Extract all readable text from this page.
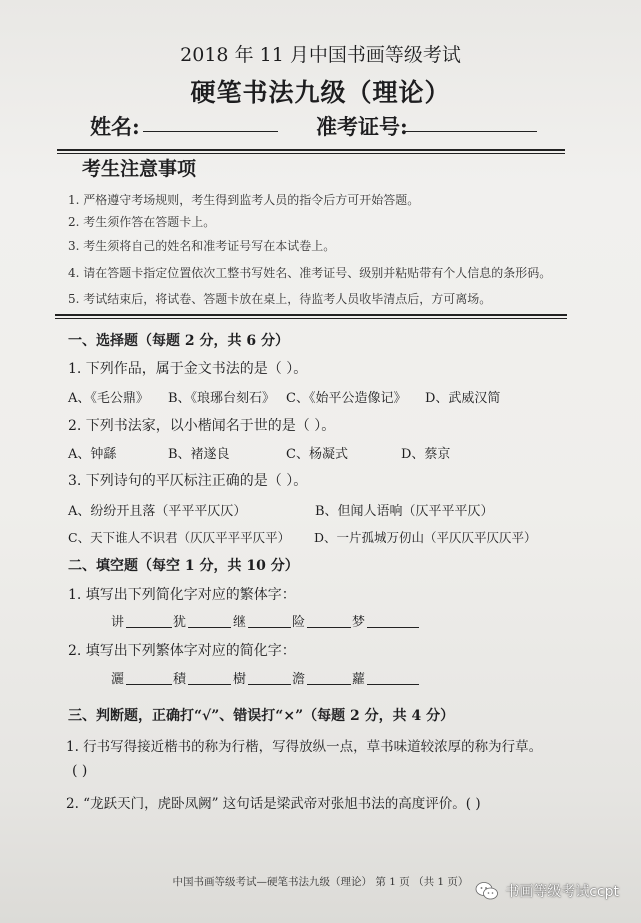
2018 年 11 月中国书画等级考试
硬笔书法九级（理论）
姓名:	准考证号:
考生注意事项
1. 严格遵守考场规则，考生得到监考人员的指令后方可开始答题。
2. 考生须作答在答题卡上。
3. 考生须将自己的姓名和准考证号写在本试卷上。
4. 请在答题卡指定位置依次工整书写姓名、准考证号、级别并粘贴带有个人信息的条形码。
5. 考试结束后，将试卷、答题卡放在桌上，待监考人员收毕清点后，方可离场。
一、选择题（每题 2 分，共 6 分）
1. 下列作品，属于金文书法的是（ ）。
A、《毛公鼎》 B、《琅琊台刻石》 C、《始平公造像记》 D、武威汉简
2. 下列书法家，以小楷闻名于世的是（ ）。
A、钟繇	B、褚遂良	C、杨凝式	D、蔡京
3. 下列诗句的平仄标注正确的是（ ）。
A、纷纷开且落（平平平仄仄）	B、但闻人语响（仄平平平仄）
C、天下谁人不识君（仄仄平平平仄平） D、一片孤城万仞山（平仄仄平仄仄平）
二、填空题（每空 1 分，共 10 分）
1. 填写出下列简化字对应的繁体字：
讲	犹	继	险	梦
2. 填写出下列繁体字对应的简化字：
灑	積	樹	澹	蘿
三、判断题，正确打“√”、错误打“×”（每题 2 分，共 4 分）
1. 行书写得接近楷书的称为行楷，写得放纵一点，草书味道较浓厚的称为行草。
( )
2. “龙跃天门，虎卧凤阙” 这句话是梁武帝对张旭书法的高度评价。( )
中国书画等级考试—硬笔书法九级（理论） 第 1 页 （共 1 页）
书画等级考试ccpt
